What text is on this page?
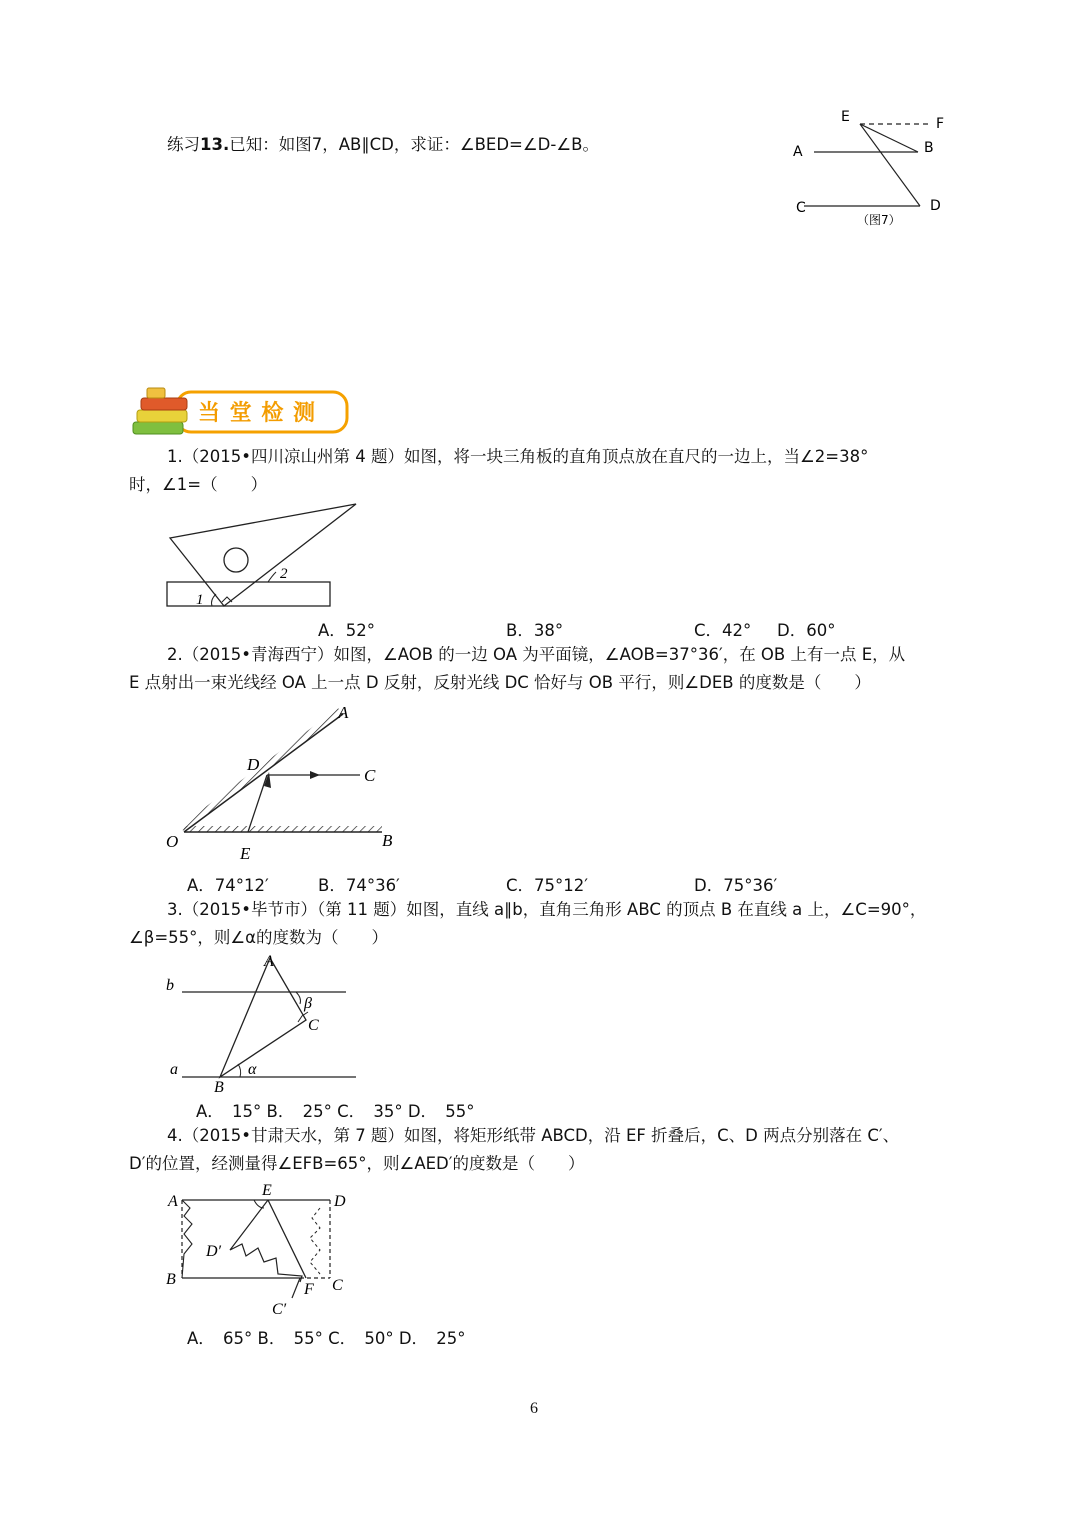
练习13.已知：如图7，AB∥CD，求证：∠BED=∠D-∠B。
E	F
A	B
C	D
（图7）
当 堂 检 测
1.（2015•四川凉山州第 4 题）如图，将一块三角板的直角顶点放在直尺的一边上，当∠2=38°
时，∠1=（　　）
1
2
A．52°	B．38°	C．42° D．60°
2.（2015•青海西宁）如图，∠AOB 的一边 OA 为平面镜，∠AOB=37°36′，在 OB 上有一点 E，从
E 点射出一束光线经 OA 上一点 D 反射，反射光线 DC 恰好与 OB 平行，则∠DEB 的度数是（　　）
A
D
C
O
E
B
A．74°12′	B．74°36′	C．75°12′	D．75°36′
3.（2015•毕节市）（第 11 题）如图，直线 a∥b，直角三角形 ABC 的顶点 B 在直线 a 上，∠C=90°，
∠β=55°，则∠α的度数为（　　）
A
b
β
C
a	α
B
A．　15° B．　25° C．　35° D．　55°
4.（2015•甘肃天水，第 7 题）如图，将矩形纸带 ABCD，沿 EF 折叠后，C、D 两点分别落在 C′、
D′的位置，经测量得∠EFB=65°，则∠AED′的度数是（　　）
A
E
D
D′
B
F C
C′
A．　65° B．　55° C．　50° D．　25°
6
